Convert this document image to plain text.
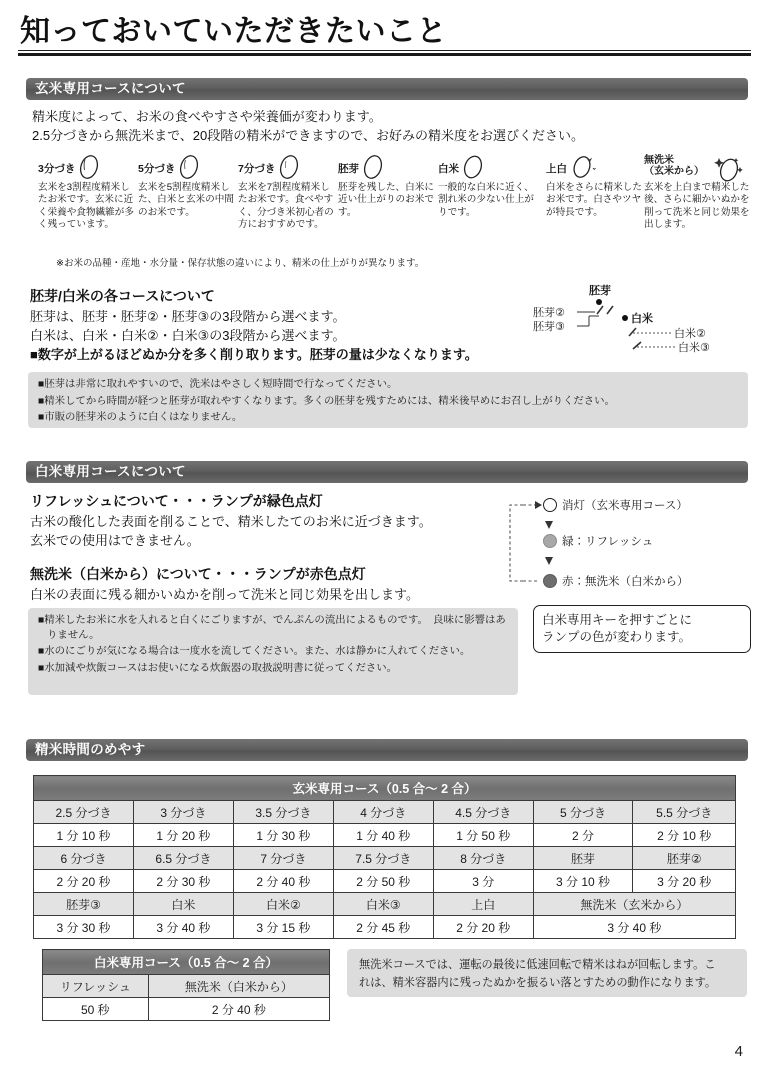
知っておいていただきたいこと
玄米専用コースについて
精米度によって、お米の食べやすさや栄養価が変わります。
2.5分づきから無洗米まで、20段階の精米ができますので、お好みの精米度をお選びください。
3分づき
玄米を3割程度精米したお米です。玄米に近く栄養や食物繊維が多く残っています。
5分づき
玄米を5割程度精米した、白米と玄米の中間のお米です。
7分づき
玄米を7割程度精米したお米です。食べやすく、分づき米初心者の方におすすめです。
胚芽
胚芽を残した、白米に近い仕上がりのお米です。
白米
一般的な白米に近く、割れ米の少ない仕上がりです。
上白
白米をさらに精米したお米です。白さやツヤが特長です。
無洗米
（玄米から）
玄米を上白まで精米した後、さらに細かいぬかを削って洗米と同じ効果を出します。
※お米の品種・産地・水分量・保存状態の違いにより、精米の仕上がりが異なります。
胚芽/白米の各コースについて
胚芽は、胚芽・胚芽②・胚芽③の3段階から選べます。
白米は、白米・白米②・白米③の3段階から選べます。
■数字が上がるほどぬか分を多く削り取ります。胚芽の量は少なくなります。
胚芽
胚芽②
胚芽③
白米
白米②
白米③

■胚芽は非常に取れやすいので、洗米はやさしく短時間で行なってください。

■精米してから時間が経つと胚芽が取れやすくなります。多くの胚芽を残すためには、精米後早めにお召し上がりください。

■市販の胚芽米のように白くはなりません。

白米専用コースについて
リフレッシュについて・・・ランプが緑色点灯
古米の酸化した表面を削ることで、精米したてのお米に近づきます。
玄米での使用はできません。
無洗米（白米から）について・・・ランプが赤色点灯
白米の表面に残る細かいぬかを削って洗米と同じ効果を出します。
消灯（玄米専用コース）
緑：リフレッシュ
赤：無洗米（白米から）
白米専用キーを押すごとに
ランプの色が変わります。

■精米したお米に水を入れると白くにごりますが、でんぷんの流出によるものです。　良味に影響はありません。

■水のにごりが気になる場合は一度水を流してください。また、水は静かに入れてください。

■水加減や炊飯コースはお使いになる炊飯器の取扱説明書に従ってください。

精米時間のめやす
玄米専用コース（0.5 合～ 2 合）						
2.5 分づき	3 分づき	3.5 分づき	4 分づき	4.5 分づき	5 分づき	5.5 分づき
1 分 10 秒	1 分 20 秒	1 分 30 秒	1 分 40 秒	1 分 50 秒	2 分	2 分 10 秒
6 分づき	6.5 分づき	7 分づき	7.5 分づき	8 分づき	胚芽	胚芽②
2 分 20 秒	2 分 30 秒	2 分 40 秒	2 分 50 秒	3 分	3 分 10 秒	3 分 20 秒
胚芽③	白米	白米②	白米③	上白	無洗米（玄米から）	
3 分 30 秒	3 分 40 秒	3 分 15 秒	2 分 45 秒	2 分 20 秒	3 分 40 秒	
白米専用コース（0.5 合～ 2 合）	
リフレッシュ	無洗米（白米から）
50 秒	2 分 40 秒

無洗米コースでは、運転の最後に低速回転で精米はねが回転します。こ

れは、精米容器内に残ったぬかを振るい落とすための動作になります。

4
